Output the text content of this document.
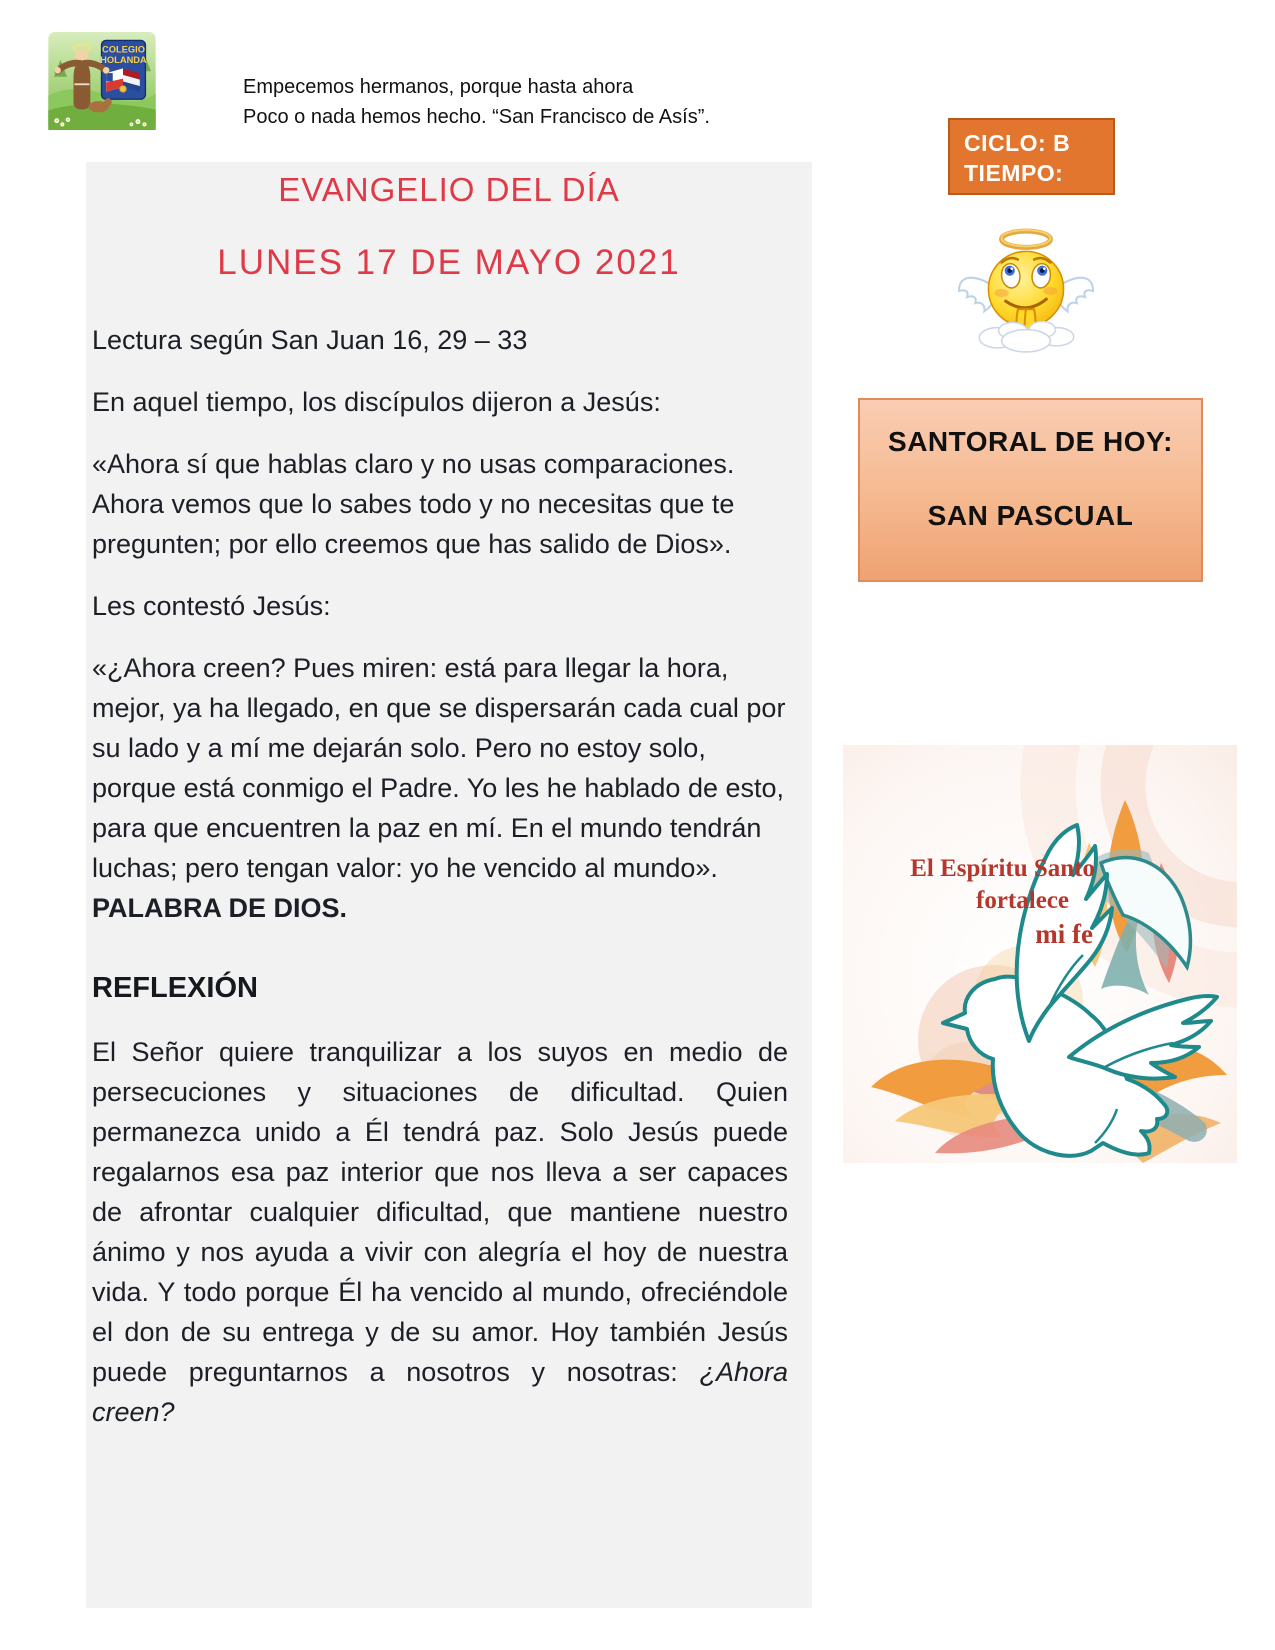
COLEGIO
HOLANDA
Empecemos hermanos, porque hasta ahora
Poco o nada hemos hecho. “San Francisco de Asís”.
CICLO: B
TIEMPO:
SANTORAL DE HOY:
SAN PASCUAL
EVANGELIO DEL DÍA
LUNES 17 DE MAYO 2021

Lectura según San Juan 16, 29 – 33

En aquel tiempo, los discípulos dijeron a Jesús:

«Ahora sí que hablas claro y no usas comparaciones. Ahora vemos que lo sabes todo y no necesitas que te pregunten; por ello creemos que has salido de Dios».

Les contestó Jesús:

«¿Ahora creen? Pues miren: está para llegar la hora, mejor, ya ha llegado, en que se dispersarán cada cual por su lado y a mí me dejarán solo. Pero no estoy solo, porque está conmigo el Padre. Yo les he hablado de esto, para que encuentren la paz en mí. En el mundo tendrán luchas; pero tengan valor: yo he vencido al mundo». PALABRA DE DIOS.

REFLEXIÓN

El Señor quiere tranquilizar a los suyos en medio de persecuciones y situaciones de dificultad. Quien permanezca unido a Él tendrá paz. Solo Jesús puede regalarnos esa paz interior que nos lleva a ser capaces de afrontar cualquier dificultad, que mantiene nuestro ánimo y nos ayuda a vivir con alegría el hoy de nuestra vida. Y todo porque Él ha vencido al mundo, ofreciéndole el don de su entrega y de su amor. Hoy también Jesús puede preguntarnos a nosotros y nosotras: ¿Ahora creen?

El Espíritu Santo
fortalece
mi fe
